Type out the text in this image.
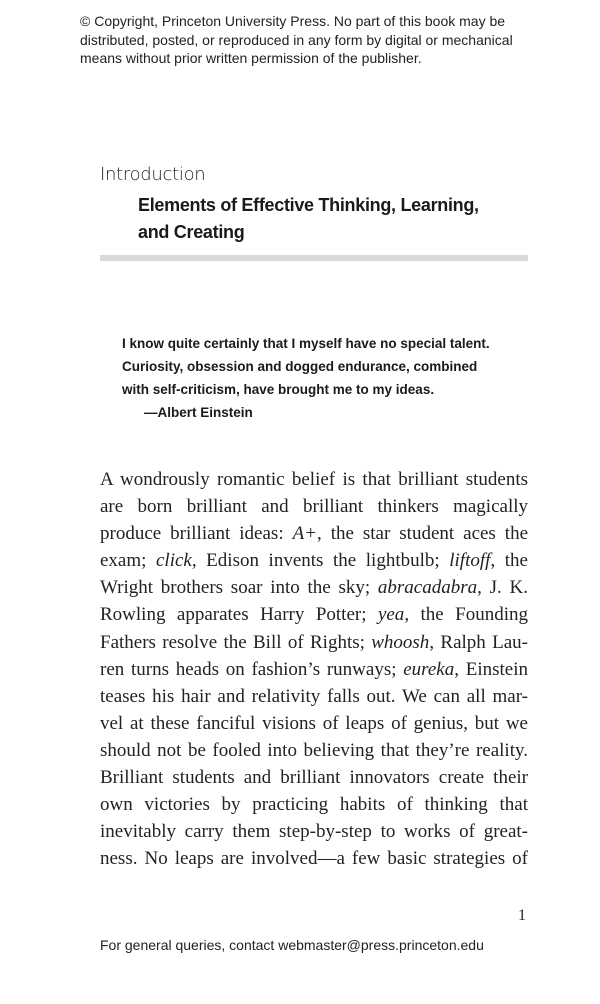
© Copyright, Princeton University Press. No part of this book may be
distributed, posted, or reproduced in any form by digital or mechanical
means without prior written permission of the publisher.
Introduction
Elements of Effective Thinking, Learning,
and Creating
I know quite certainly that I myself have no special talent.
Curiosity, obsession and dogged endurance, combined
with self-criticism, have brought me to my ideas.
—Albert Einstein
A wondrously romantic belief is that brilliant students
are born brilliant and brilliant thinkers magically
produce brilliant ideas: A+, the star student aces the
exam; click, Edison invents the lightbulb; liftoff, the
Wright brothers soar into the sky; abracadabra, J. K.
Rowling apparates Harry Potter; yea, the Founding
Fathers resolve the Bill of Rights; whoosh, Ralph Lau-
ren turns heads on fashion’s runways; eureka, Einstein
teases his hair and relativity falls out. We can all mar-
vel at these fanciful visions of leaps of genius, but we
should not be fooled into believing that they’re reality.
Brilliant students and brilliant innovators create their
own victories by practicing habits of thinking that
inevitably carry them step-by-step to works of great-
ness. No leaps are involved—a few basic strategies of
1
For general queries, contact webmaster@press.princeton.edu
